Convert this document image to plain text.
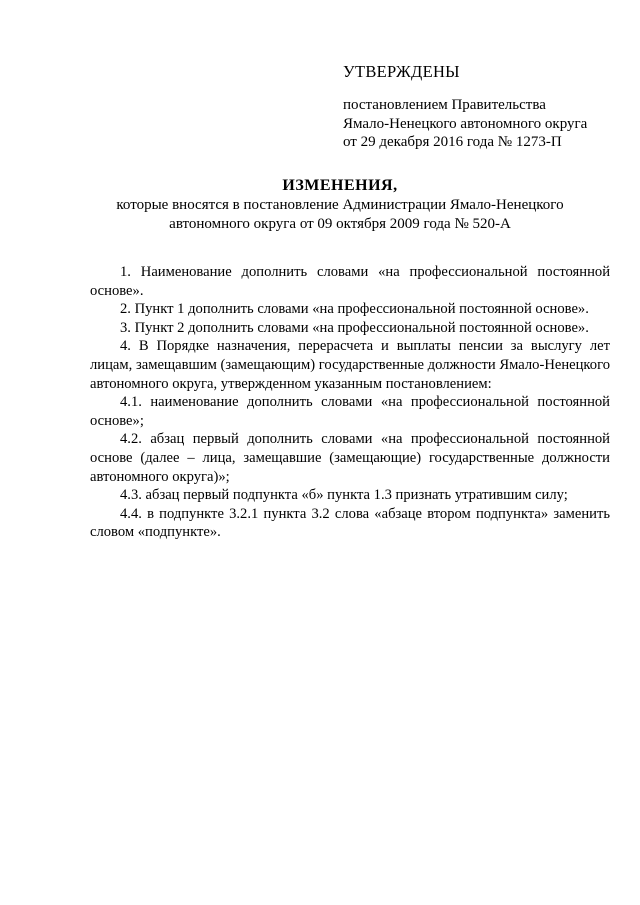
УТВЕРЖДЕНЫ
постановлением Правительства
Ямало-Ненецкого автономного округа
от 29 декабря 2016 года № 1273-П
ИЗМЕНЕНИЯ,
которые вносятся в постановление Администрации Ямало-Ненецкого
автономного округа от 09 октября 2009 года № 520-А

1. Наименование дополнить словами «на профессиональной постоянной основе».

2. Пункт 1 дополнить словами «на профессиональной постоянной основе».

3. Пункт 2 дополнить словами «на профессиональной постоянной основе».

4. В Порядке назначения, перерасчета и выплаты пенсии за выслугу лет лицам, замещавшим (замещающим) государственные должности Ямало-Ненецкого автономного округа, утвержденном указанным постановлением:

4.1. наименование дополнить словами «на профессиональной постоянной основе»;

4.2. абзац первый дополнить словами «на профессиональной постоянной основе (далее – лица, замещавшие (замещающие) государственные должности автономного округа)»;

4.3. абзац первый подпункта «б» пункта 1.3 признать утратившим силу;

4.4. в подпункте 3.2.1 пункта 3.2 слова «абзаце втором подпункта» заменить словом «подпункте».
